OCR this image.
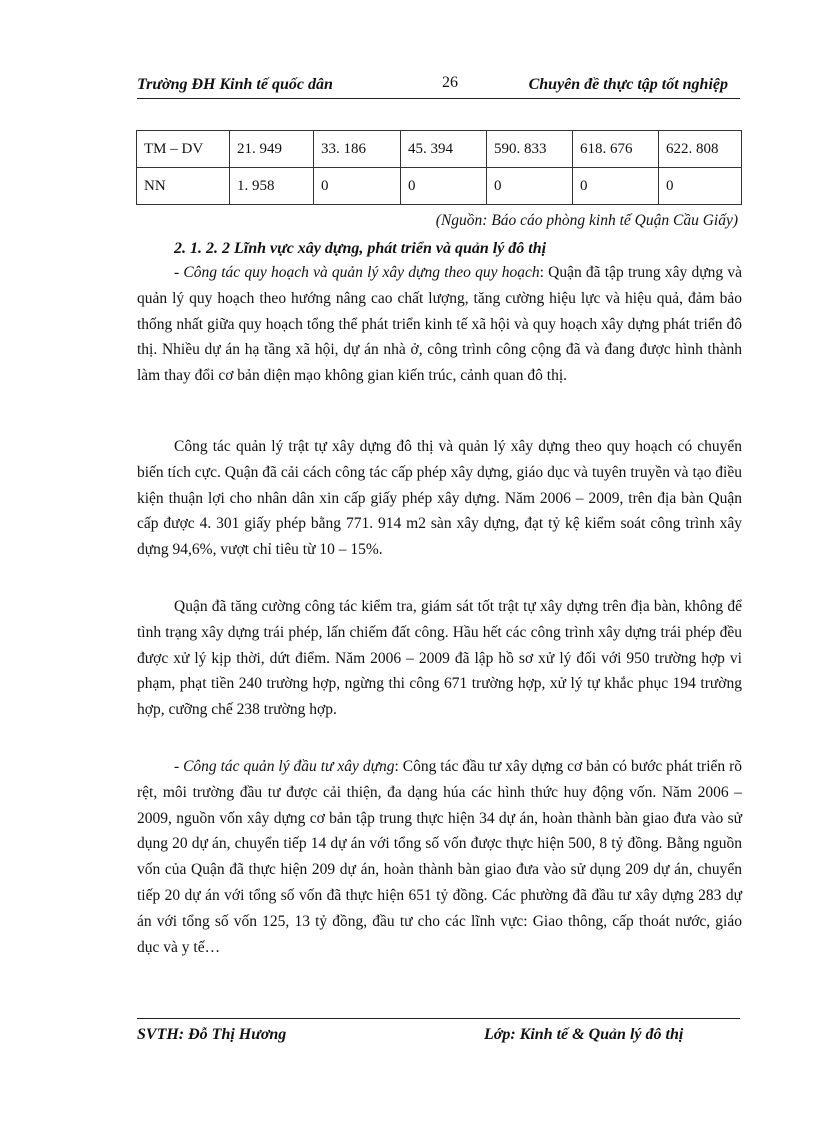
Trường ĐH Kinh tế quốc dân	26	Chuyên đề thực tập tốt nghiệp
TM – DV	21. 949	33. 186	45. 394	590. 833	618. 676	622. 808
NN	1. 958	0	0	0	0	0
(Nguồn: Báo cáo phòng kinh tế Quận Cầu Giấy)
2. 1. 2. 2 Lĩnh vực xây dựng, phát triển và quản lý đô thị

- Công tác quy hoạch và quản lý xây dựng theo quy hoạch: Quận đã tập trung xây dựng và quản lý quy hoạch theo hướng nâng cao chất lượng, tăng cường hiệu lực và hiệu quả, đảm bảo thống nhất giữa quy hoạch tổng thể phát triển kinh tế xã hội và quy hoạch xây dựng phát triển đô thị. Nhiều dự án hạ tầng xã hội, dự án nhà ở, công trình công cộng đã và đang được hình thành làm thay đổi cơ bản diện mạo không gian kiến trúc, cảnh quan đô thị.

Công tác quản lý trật tự xây dựng đô thị và quản lý xây dựng theo quy hoạch có chuyển biến tích cực. Quận đã cải cách công tác cấp phép xây dựng, giáo dục và tuyên truyền và tạo điều kiện thuận lợi cho nhân dân xin cấp giấy phép xây dựng. Năm 2006 – 2009, trên địa bàn Quận cấp được 4. 301 giấy phép bằng 771. 914 m2 sàn xây dựng, đạt tỷ kệ kiểm soát công trình xây dựng 94,6%, vượt chỉ tiêu từ 10 – 15%.

Quận đã tăng cường công tác kiểm tra, giám sát tốt trật tự xây dựng trên địa bàn, không để tình trạng xây dựng trái phép, lấn chiếm đất công. Hầu hết các công trình xây dựng trái phép đều được xử lý kịp thời, dứt điểm. Năm 2006 – 2009 đã lập hồ sơ xử lý đối với 950 trường hợp vi phạm, phạt tiền 240 trường hợp, ngừng thi công 671 trường hợp, xử lý tự khắc phục 194 trường hợp, cưỡng chế 238 trường hợp.

- Công tác quản lý đầu tư xây dựng: Công tác đầu tư xây dựng cơ bản có bước phát triển rõ rệt, môi trường đầu tư được cải thiện, đa dạng húa các hình thức huy động vốn. Năm 2006 – 2009, nguồn vốn xây dựng cơ bản tập trung thực hiện 34 dự án, hoàn thành bàn giao đưa vào sử dụng 20 dự án, chuyển tiếp 14 dự án với tổng số vốn được thực hiện 500, 8 tỷ đồng. Bằng nguồn vốn của Quận đã thực hiện 209 dự án, hoàn thành bàn giao đưa vào sử dụng 209 dự án, chuyển tiếp 20 dự án với tổng số vốn đã thực hiện 651 tỷ đồng. Các phường đã đầu tư xây dựng 283 dự án với tổng số vốn 125, 13 tỷ đồng, đầu tư cho các lĩnh vực: Giao thông, cấp thoát nước, giáo dục và y tế…

SVTH: Đỗ Thị Hương	Lớp: Kinh tế & Quản lý đô thị
